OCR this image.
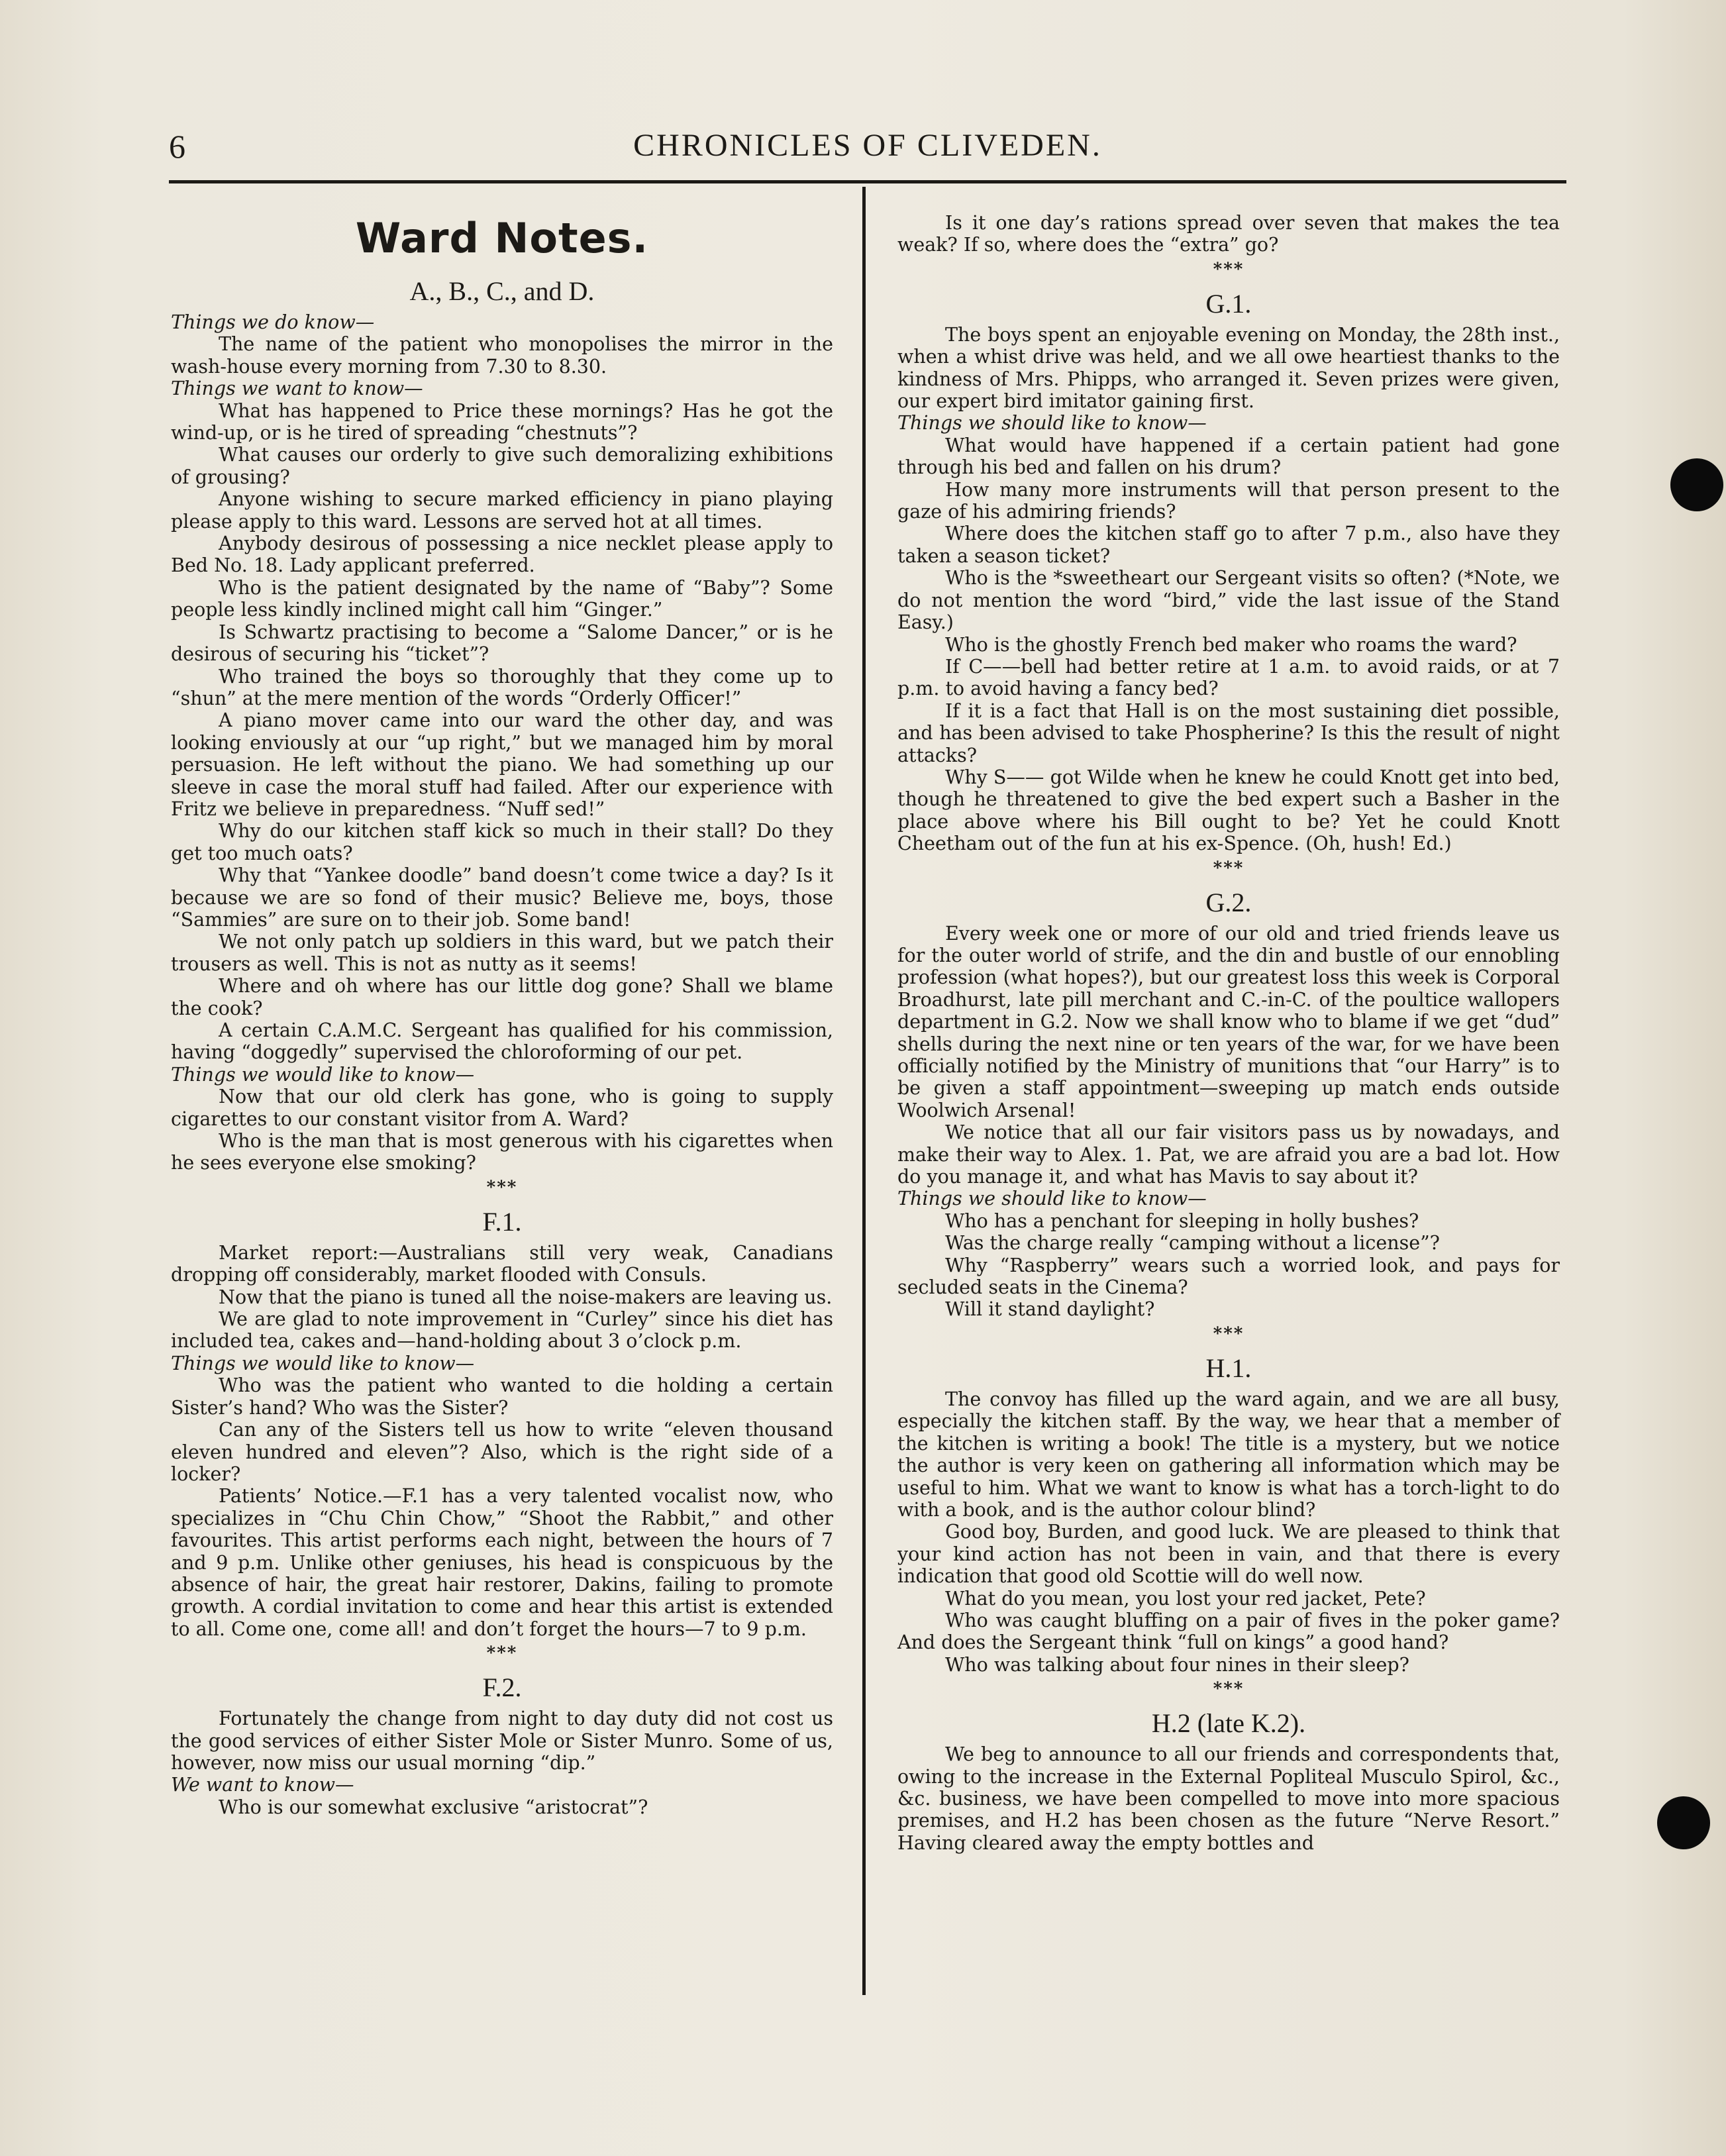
6	CHRONICLES OF CLIVEDEN.
Ward Notes.
A., B., C., and D.

Things we do know—

The name of the patient who monopolises the mirror in the wash-house every morning from 7.30 to 8.30.

Things we want to know—

What has happened to Price these mornings? Has he got the wind-up, or is he tired of spreading “chestnuts”?

What causes our orderly to give such demoralizing exhibitions of grousing?

Anyone wishing to secure marked efficiency in piano playing please apply to this ward. Lessons are served hot at all times.

Anybody desirous of possessing a nice necklet please apply to Bed No. 18. Lady applicant preferred.

Who is the patient designated by the name of “Baby”? Some people less kindly inclined might call him “Ginger.”

Is Schwartz practising to become a “Salome Dancer,” or is he desirous of securing his “ticket”?

Who trained the boys so thoroughly that they come up to “shun” at the mere mention of the words “Orderly Officer!”

A piano mover came into our ward the other day, and was looking enviously at our “up right,” but we managed him by moral persuasion. He left without the piano. We had something up our sleeve in case the moral stuff had failed. After our experience with Fritz we believe in preparedness. “Nuff sed!”

Why do our kitchen staff kick so much in their stall? Do they get too much oats?

Why that “Yankee doodle” band doesn’t come twice a day? Is it because we are so fond of their music? Believe me, boys, those “Sammies” are sure on to their job. Some band!

We not only patch up soldiers in this ward, but we patch their trousers as well. This is not as nutty as it seems!

Where and oh where has our little dog gone? Shall we blame the cook?

A certain C.A.M.C. Sergeant has qualified for his commission, having “doggedly” supervised the chloroforming of our pet.

Things we would like to know—

Now that our old clerk has gone, who is going to supply cigarettes to our constant visitor from A. Ward?

Who is the man that is most generous with his cigarettes when he sees everyone else smoking?

***
F.1.

Market report:—Australians still very weak, Canadians dropping off considerably, market flooded with Consuls.

Now that the piano is tuned all the noise-makers are leaving us.

We are glad to note improvement in “Curley” since his diet has included tea, cakes and—hand-holding about 3 o’clock p.m.

Things we would like to know—

Who was the patient who wanted to die holding a certain Sister’s hand? Who was the Sister?

Can any of the Sisters tell us how to write “eleven thousand eleven hundred and eleven”? Also, which is the right side of a locker?

Patients’ Notice.—F.1 has a very talented vocalist now, who specializes in “Chu Chin Chow,” “Shoot the Rabbit,” and other favourites. This artist performs each night, between the hours of 7 and 9 p.m. Unlike other geniuses, his head is conspicuous by the absence of hair, the great hair restorer, Dakins, failing to promote growth. A cordial invitation to come and hear this artist is extended to all. Come one, come all! and don’t forget the hours—7 to 9 p.m.

***
F.2.

Fortunately the change from night to day duty did not cost us the good services of either Sister Mole or Sister Munro. Some of us, however, now miss our usual morning “dip.”

We want to know—

Who is our somewhat exclusive “aristocrat”?

Is it one day’s rations spread over seven that makes the tea weak? If so, where does the “extra” go?

***
G.1.

The boys spent an enjoyable evening on Monday, the 28th inst., when a whist drive was held, and we all owe heartiest thanks to the kindness of Mrs. Phipps, who arranged it. Seven prizes were given, our expert bird imitator gaining first.

Things we should like to know—

What would have happened if a certain patient had gone through his bed and fallen on his drum?

How many more instruments will that person present to the gaze of his admiring friends?

Where does the kitchen staff go to after 7 p.m., also have they taken a season ticket?

Who is the *sweetheart our Sergeant visits so often? (*Note, we do not mention the word “bird,” vide the last issue of the Stand Easy.)

Who is the ghostly French bed maker who roams the ward?

If C——bell had better retire at 1 a.m. to avoid raids, or at 7 p.m. to avoid having a fancy bed?

If it is a fact that Hall is on the most sustaining diet possible, and has been advised to take Phospherine? Is this the result of night attacks?

Why S—— got Wilde when he knew he could Knott get into bed, though he threatened to give the bed expert such a Basher in the place above where his Bill ought to be? Yet he could Knott Cheetham out of the fun at his ex-Spence. (Oh, hush! Ed.)

***
G.2.

Every week one or more of our old and tried friends leave us for the outer world of strife, and the din and bustle of our ennobling profession (what hopes?), but our greatest loss this week is Corporal Broadhurst, late pill merchant and C.-in-C. of the poultice wallopers department in G.2. Now we shall know who to blame if we get “dud” shells during the next nine or ten years of the war, for we have been officially notified by the Ministry of munitions that “our Harry” is to be given a staff appointment—sweeping up match ends outside Woolwich Arsenal!

We notice that all our fair visitors pass us by nowadays, and make their way to Alex. 1. Pat, we are afraid you are a bad lot. How do you manage it, and what has Mavis to say about it?

Things we should like to know—

Who has a penchant for sleeping in holly bushes?

Was the charge really “camping without a license”?

Why “Raspberry” wears such a worried look, and pays for secluded seats in the Cinema?

Will it stand daylight?

***
H.1.

The convoy has filled up the ward again, and we are all busy, especially the kitchen staff. By the way, we hear that a member of the kitchen is writing a book! The title is a mystery, but we notice the author is very keen on gathering all information which may be useful to him. What we want to know is what has a torch-light to do with a book, and is the author colour blind?

Good boy, Burden, and good luck. We are pleased to think that your kind action has not been in vain, and that there is every indication that good old Scottie will do well now.

What do you mean, you lost your red jacket, Pete?

Who was caught bluffing on a pair of fives in the poker game? And does the Sergeant think “full on kings” a good hand?

Who was talking about four nines in their sleep?

***
H.2 (late K.2).

We beg to announce to all our friends and correspondents that, owing to the increase in the External Popliteal Musculo Spirol, &c., &c. business, we have been compelled to move into more spacious premises, and H.2 has been chosen as the future “Nerve Resort.” Having cleared away the empty bottles and
